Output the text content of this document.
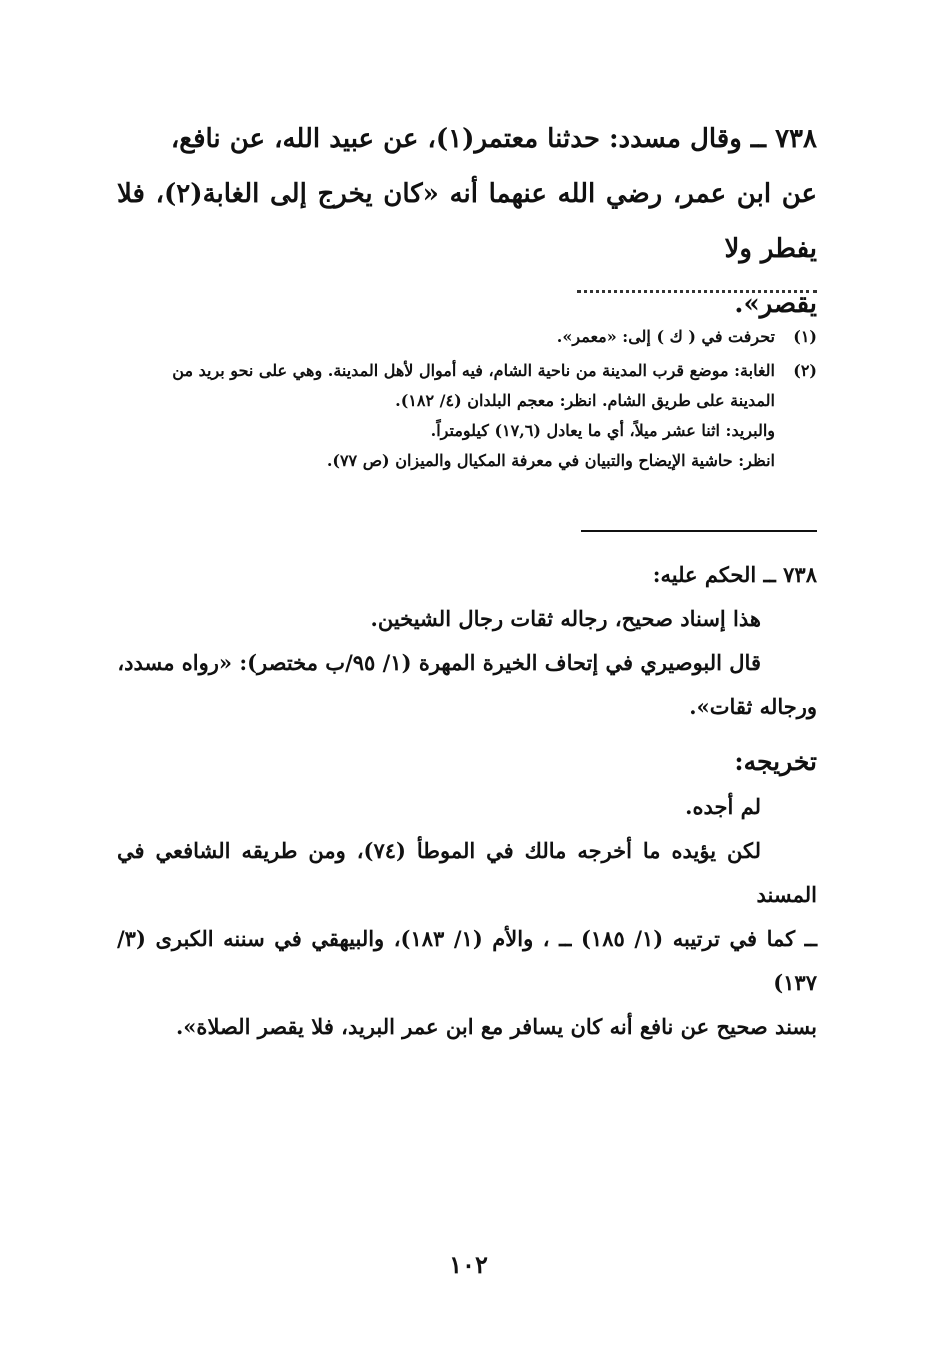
٧٣٨ ــ وقال مسدد: حدثنا معتمر(١)، عن عبيد الله، عن نافع،

عن ابن عمر، رضي الله عنهما أنه «كان يخرج إلى الغابة(٢)، فلا يفطر ولا

يقصر».

(١)
تحرفت في ( ك ) إلى: «معمر».
(٢)
الغابة: موضع قرب المدينة من ناحية الشام، فيه أموال لأهل المدينة. وهي على نحو بريد من
المدينة على طريق الشام. انظر: معجم البلدان (٤/ ١٨٢).
والبريد: اثنا عشر ميلاً، أي ما يعادل (١٧,٦) كيلومتراً.
انظر: حاشية الإيضاح والتبيان في معرفة المكيال والميزان (ص ٧٧).

٧٣٨ ــ الحكم عليه:

هذا إسناد صحيح، رجاله ثقات رجال الشيخين.

قال البوصيري في إتحاف الخيرة المهرة (١/ ٩٥/ب مختصر): «رواه مسدد،

ورجاله ثقات».

تخريجه:

لم أجده.

لكن يؤيده ما أخرجه مالك في الموطأ (٧٤)، ومن طريقه الشافعي في المسند

ــ كما في ترتيبه (١/ ١٨٥) ــ ، والأم (١/ ١٨٣)، والبيهقي في سننه الكبرى (٣/ ١٣٧)

بسند صحيح عن نافع أنه كان يسافر مع ابن عمر البريد، فلا يقصر الصلاة».

١٠٢
